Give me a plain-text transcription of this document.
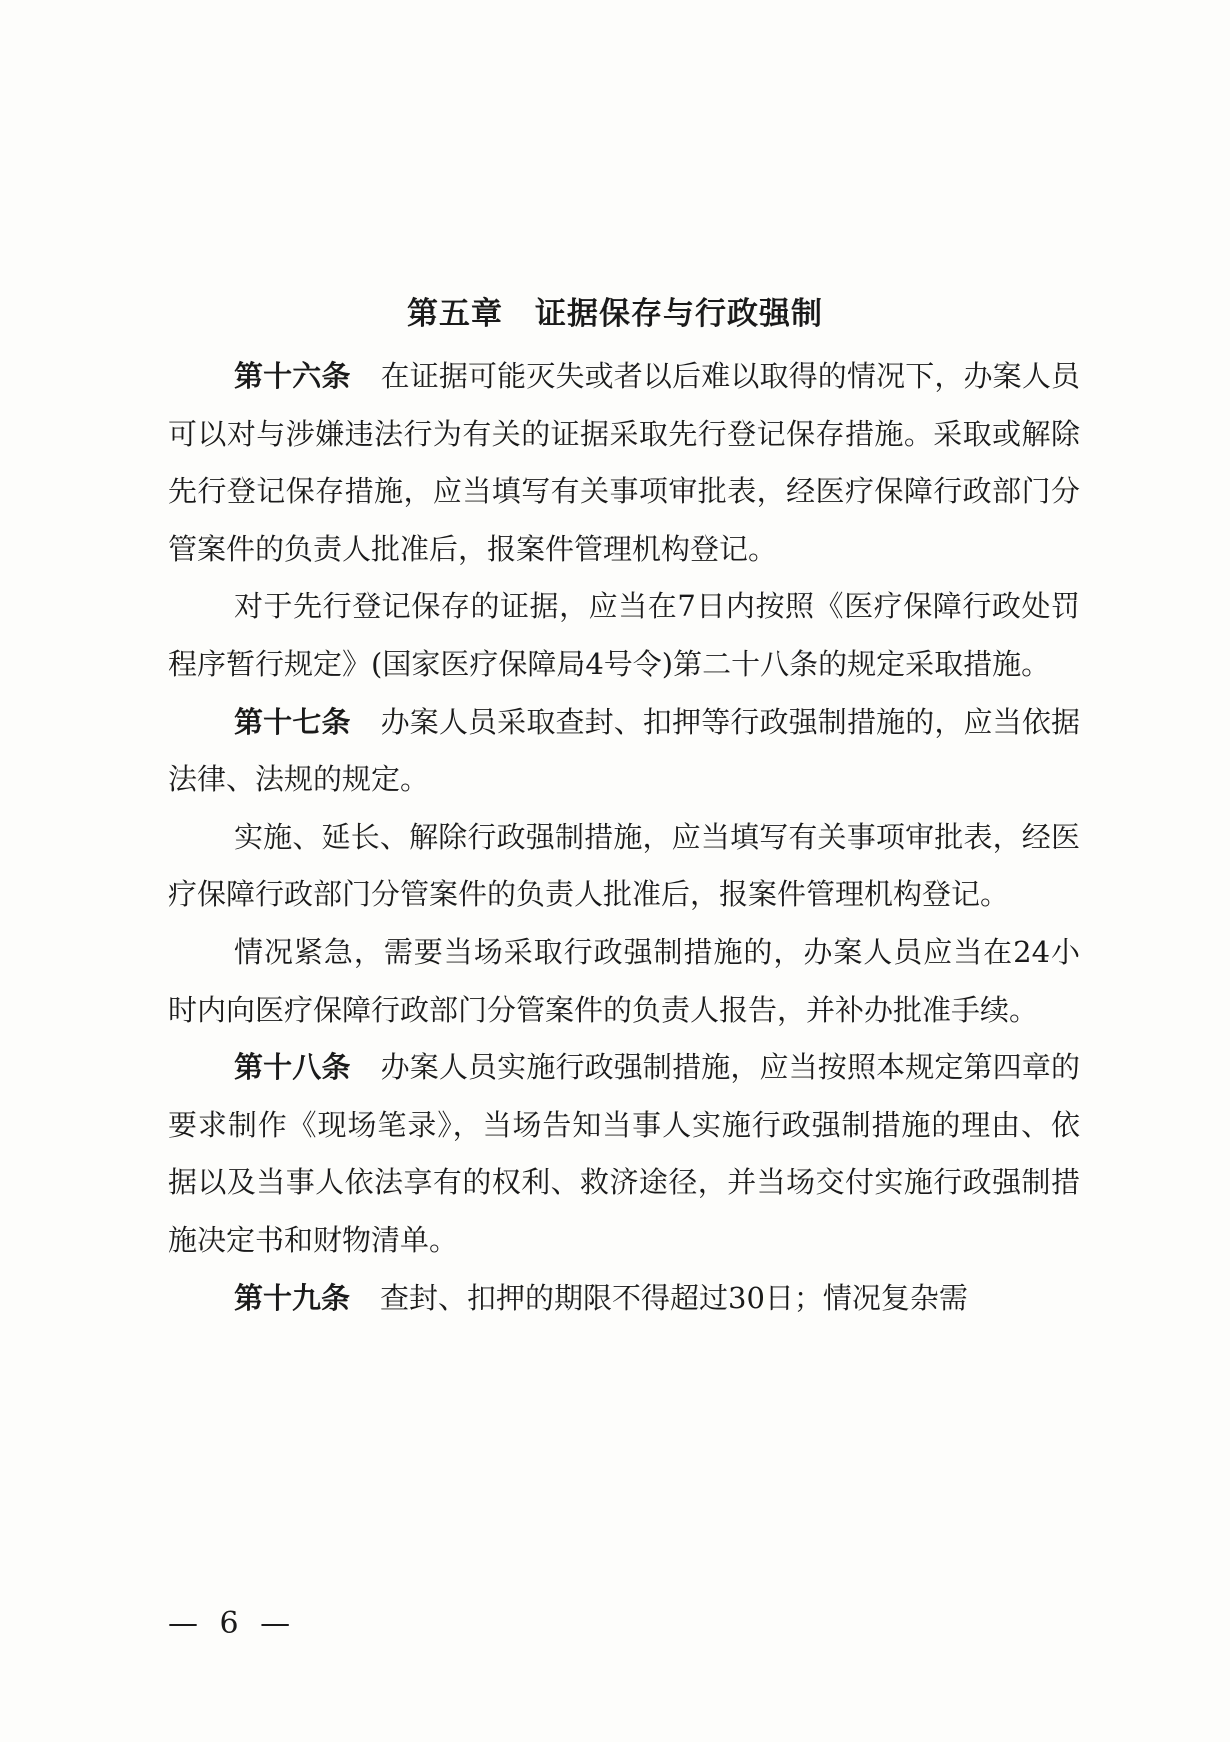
第五章　证据保存与行政强制

第十六条 在证据可能灭失或者以后难以取得的情况下，办案人员可以对与涉嫌违法行为有关的证据采取先行登记保存措施。采取或解除先行登记保存措施，应当填写有关事项审批表，经医疗保障行政部门分管案件的负责人批准后，报案件管理机构登记。

对于先行登记保存的证据，应当在7日内按照《医疗保障行政处罚程序暂行规定》(国家医疗保障局4号令)第二十八条的规定采取措施。

第十七条 办案人员采取查封、扣押等行政强制措施的，应当依据法律、法规的规定。

实施、延长、解除行政强制措施，应当填写有关事项审批表，经医疗保障行政部门分管案件的负责人批准后，报案件管理机构登记。

情况紧急，需要当场采取行政强制措施的，办案人员应当在24小时内向医疗保障行政部门分管案件的负责人报告，并补办批准手续。

第十八条 办案人员实施行政强制措施，应当按照本规定第四章的要求制作《现场笔录》，当场告知当事人实施行政强制措施的理由、依据以及当事人依法享有的权利、救济途径，并当场交付实施行政强制措施决定书和财物清单。

第十九条 查封、扣押的期限不得超过30日；情况复杂需

— 6 —
